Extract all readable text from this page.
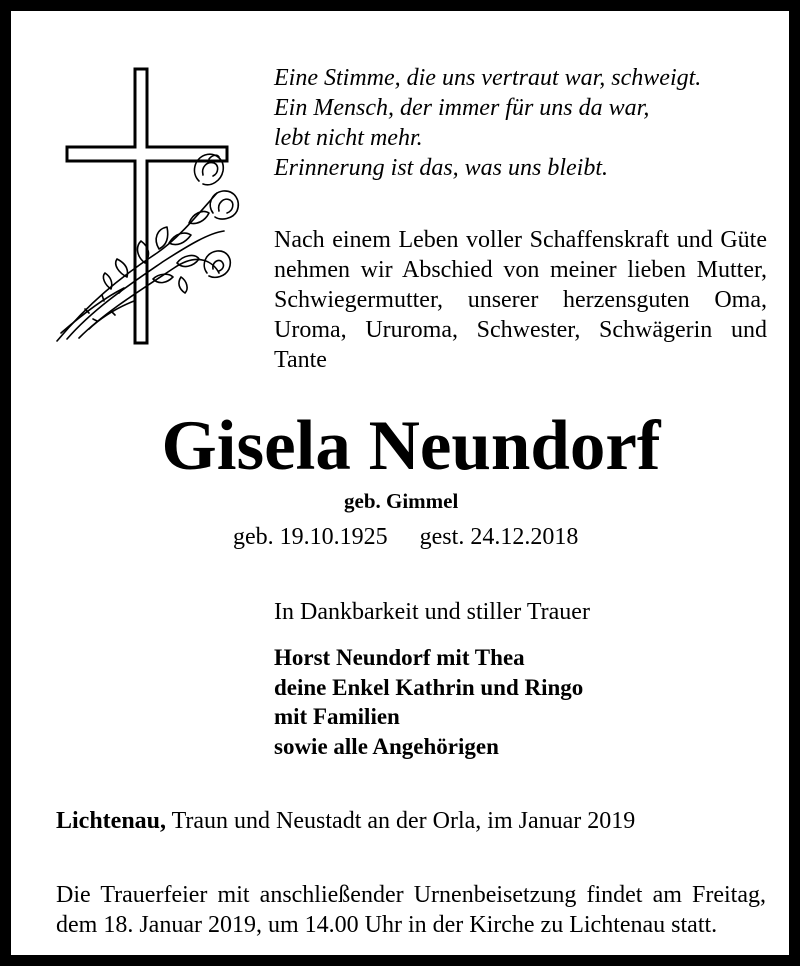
Eine Stimme, die uns vertraut war, schweigt.
Ein Mensch, der immer für uns da war,
lebt nicht mehr.
Erinnerung ist das, was uns bleibt.
Nach einem Leben voller Schaffenskraft und Güte nehmen wir Abschied von meiner lieben Mutter, Schwiegermutter, unserer herzensguten Oma, Uroma, Ururoma, Schwester, Schwägerin und Tante
Gisela Neundorf
geb. Gimmel
geb. 19.10.1925 gest. 24.12.2018
In Dankbarkeit und stiller Trauer
Horst Neundorf mit Thea
deine Enkel Kathrin und Ringo
mit Familien
sowie alle Angehörigen
Lichtenau, Traun und Neustadt an der Orla, im Januar 2019
Die Trauerfeier mit anschließender Urnenbeisetzung findet am Freitag, dem 18. Januar 2019, um 14.00 Uhr in der Kirche zu Lichtenau statt.
